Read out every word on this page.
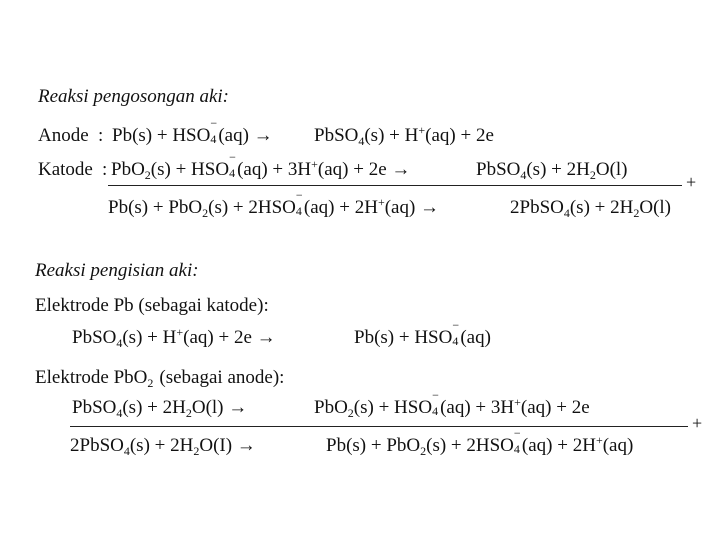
Reaksi pengosongan aki:
Anode : Pb(s) + HSO
−
4 (aq) → PbSO$_4$(s) + H+(aq) + 2e
Katode : PbO$_2$(s) + HSO
−
4 (aq) + 3H+(aq) + 2e →	PbSO$_4$(s) + $2H_2O(l)$
+
Pb(s) + PbO$_2$(s) + 2HSO
−
4 (aq) + 2H+(aq) →	2PbSO$_4$(s) + $2H_2O(l)$
Reaksi pengisian aki:
Elektrode Pb (sebagai katode):
PbSO$_4$(s) + H+(aq) + 2e →	Pb(s) + HSO
−
4 (aq)
Elektrode PbO$_2$ (sebagai anode):
PbSO$_4$(s) + $2H_2O(l)$ →	PbO$_2$(s) + HSO
−
4 (aq) + 3H+(aq) + 2e
+
2PbSO$_4$(s) + $2H_2O(I)$ →	Pb(s) + PbO$_2$(s) + 2HSO
−
4 (aq) + 2H+(aq)
